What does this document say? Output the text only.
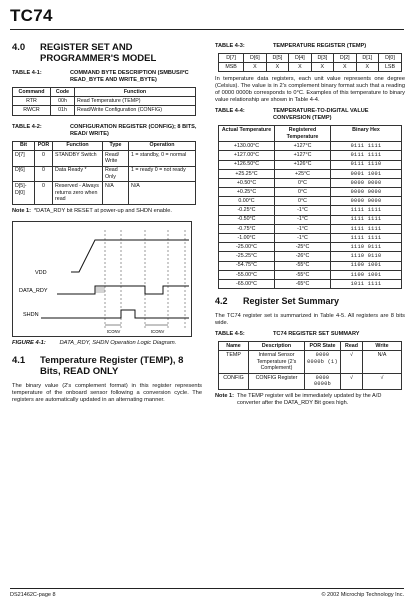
TC74
4.0	REGISTER SET AND PROGRAMMER'S MODEL
TABLE 4-1:	COMMAND BYTE DESCRIPTION (SMBUS/I²C READ_BYTE AND WRITE_BYTE)
Command	Code	Function
RTR	00h	Read Temperature (TEMP)
RWCR	01h	Read/Write Configuration (CONFIG)
TABLE 4-2:	CONFIGURATION REGISTER (CONFIG); 8 BITS, READ/ WRITE)
Bit	POR	Function	Type	Operation
D[7]	0	STANDBY Switch	Read/ Write	1 = standby, 0 = normal
D[6]	0	Data Ready *	Read Only	1 = ready 0 = not ready
D[5]-D[0]	0	Reserved - Always returns zero when read	N/A	N/A
Note 1: *DATA_RDY bit RESET at power-up and SHDN enable.
VDD
DATA_RDY
SHDN
tCONV	tCONV
FIGURE 4-1: DATA_RDY, SHDN Operation Logic Diagram.
4.1	Temperature Register (TEMP), 8 Bits, READ ONLY

The binary value (2's complement format) in this register represents temperature of the onboard sensor following a conversion cycle. The registers are automatically updated in an alternating manner.

TABLE 4-3:	TEMPERATURE REGISTER (TEMP)
D[7]	D[6]	D[5]	D[4]	D[3]	D[2]	D[1]	D[0]
MSB	X	X	X	X	X	X	LSB

In temperature data registers, each unit value represents one degree (Celsius). The value is in 2's complement binary format such that a reading of 0000 0000b corresponds to 0°C. Examples of this temperature to binary value relationship are shown in Table 4-4.

TABLE 4-4:	TEMPERATURE-TO-DIGITAL VALUE CONVERSION (TEMP)
Actual Temperature	Registered Temperature	Binary Hex
+130.00°C	+127°C	0111 1111
+127.00°C	+127°C	0111 1111
+126.50°C	+126°C	0111 1110
+25.25°C	+25°C	0001 1001
+0.50°C	0°C	0000 0000
+0.25°C	0°C	0000 0000
0.00°C	0°C	0000 0000
-0.25°C	-1°C	1111 1111
-0.50°C	-1°C	1111 1111
-0.75°C	-1°C	1111 1111
-1.00°C	-1°C	1111 1111
-25.00°C	-25°C	1110 0111
-25.25°C	-26°C	1110 0110
-54.75°C	-55°C	1100 1001
-55.00°C	-55°C	1100 1001
-65.00°C	-65°C	1011 1111
4.2	Register Set Summary

The TC74 register set is summarized in Table 4-5. All registers are 8 bits wide.

TABLE 4-5:	TC74 REGISTER SET SUMMARY
Name	Description	POR State	Read	Write
TEMP	Internal Sensor Temperature (2's Complement)	0000 0000b (1)	√	N/A
CONFIG	CONFIG Register	0000 0000b	√	√
Note 1: The TEMP register will be immediately updated by the A/D converter after the DATA_RDY Bit goes high.
DS21462C-page 8	© 2002 Microchip Technology Inc.
